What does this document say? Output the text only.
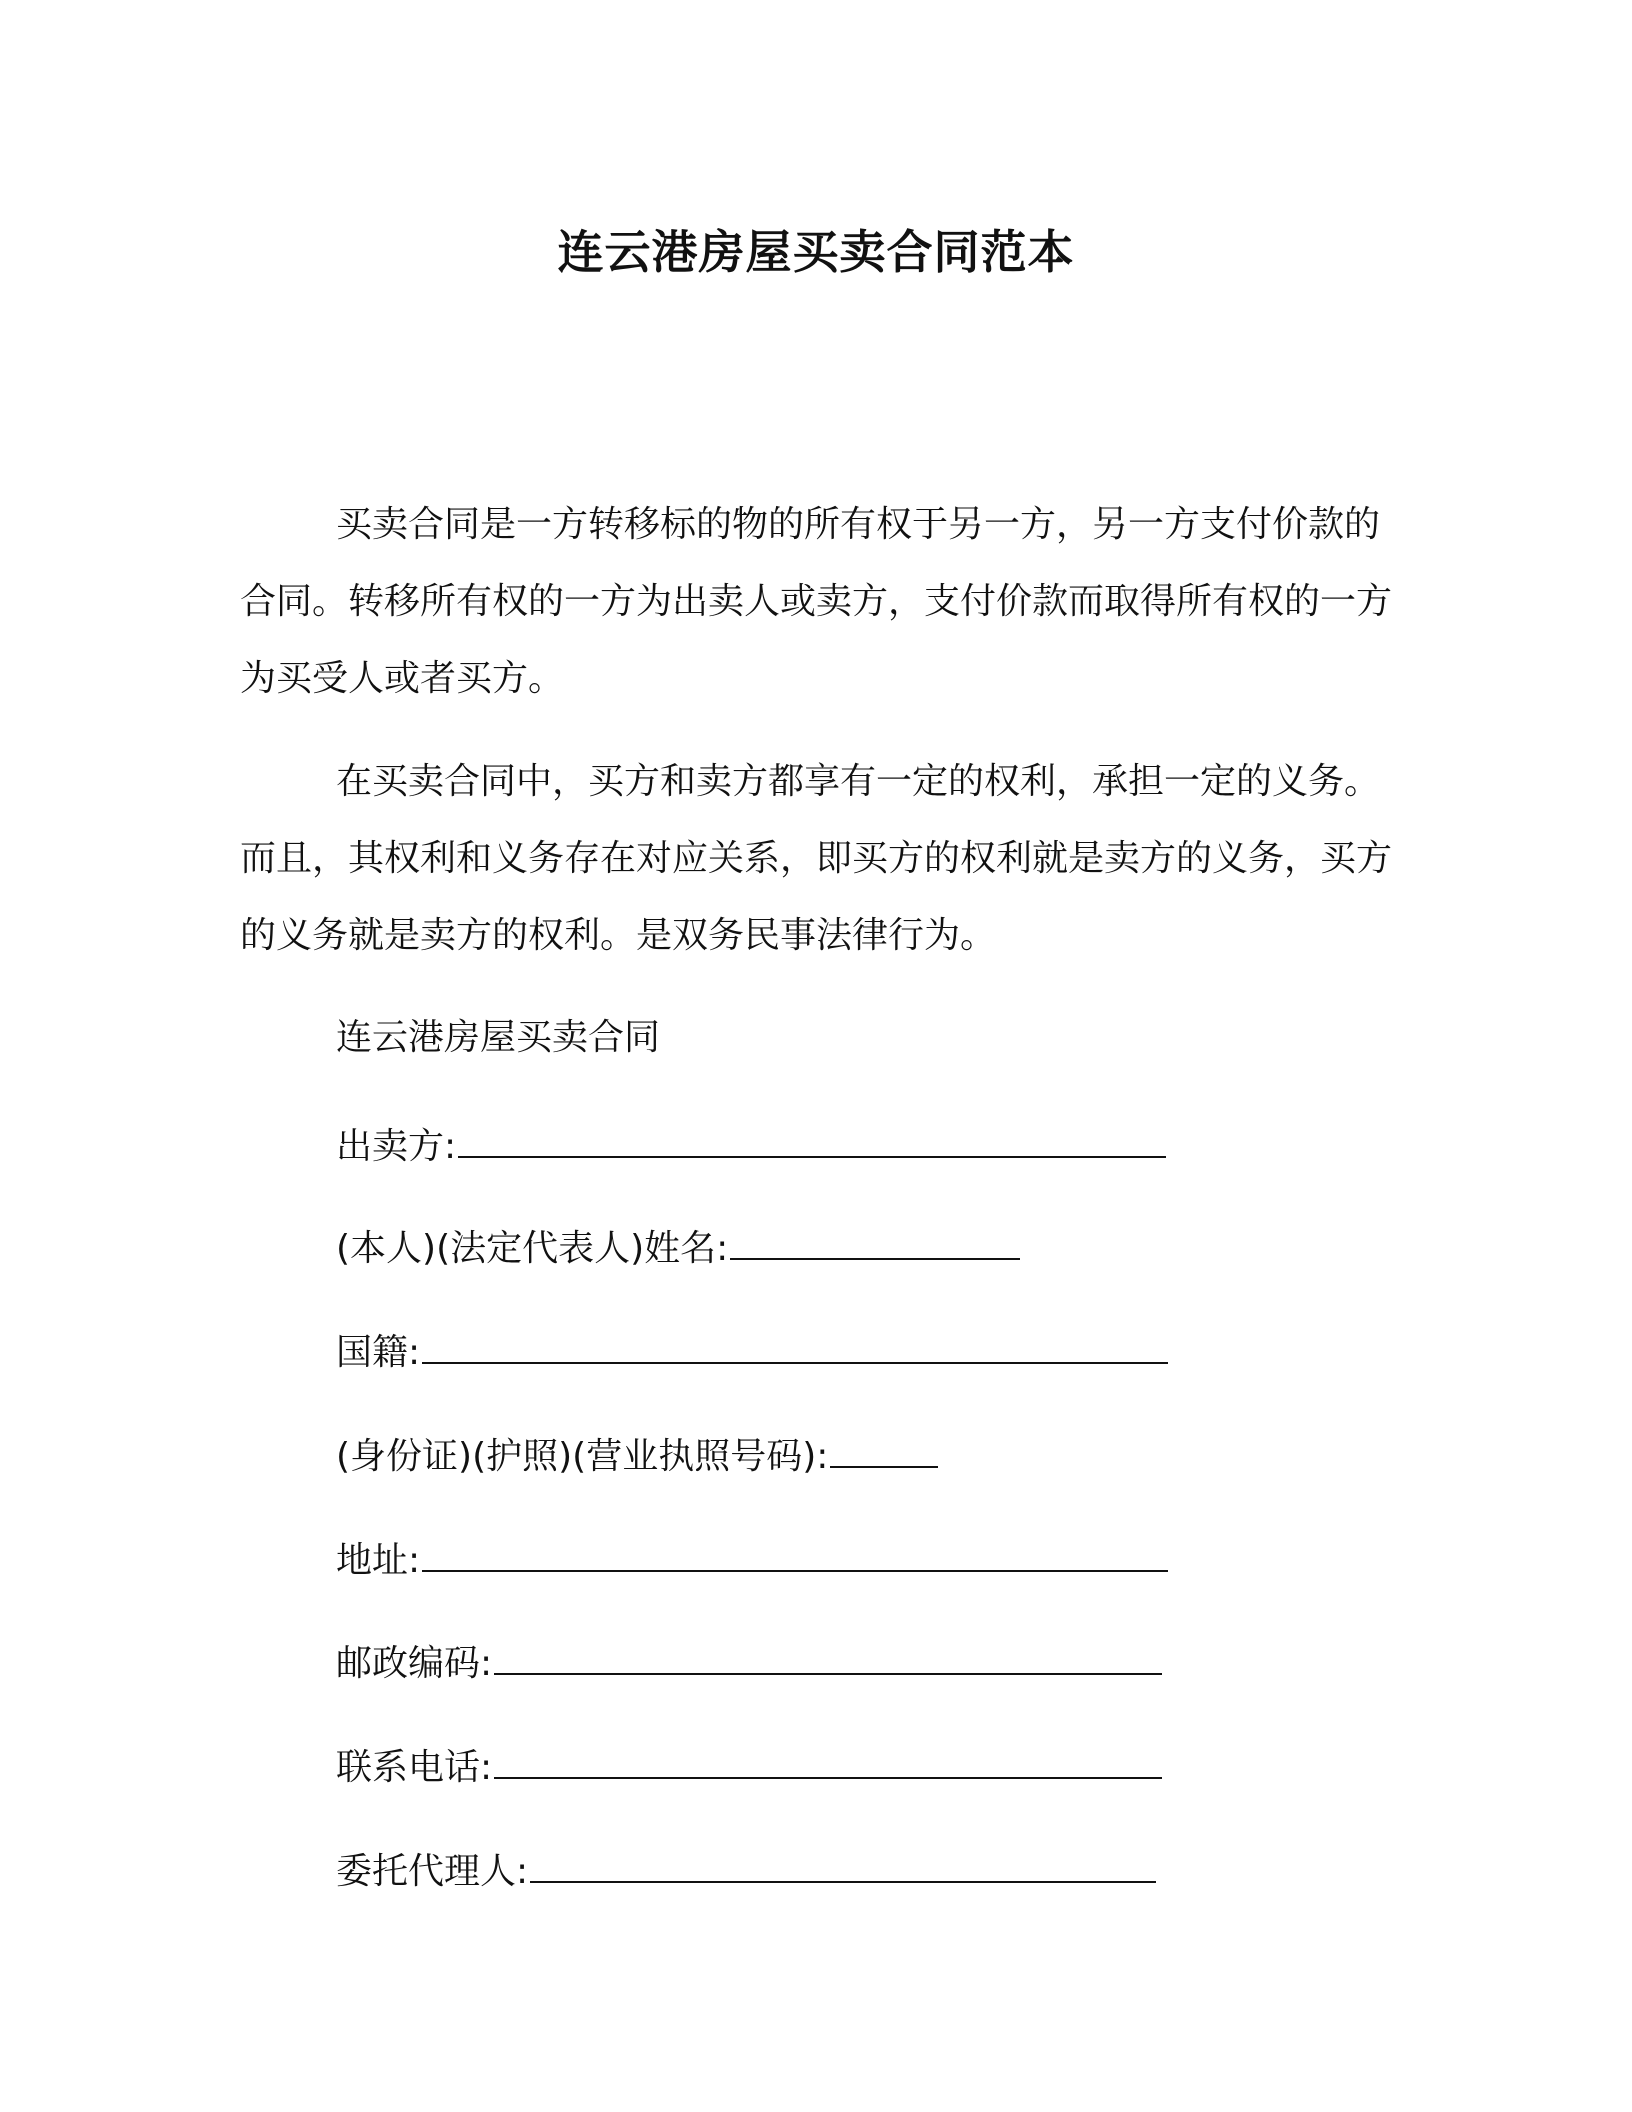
连云港房屋买卖合同范本

买卖合同是一方转移标的物的所有权于另一方，另一方支付价款的合同。转移所有权的一方为出卖人或卖方，支付价款而取得所有权的一方为买受人或者买方。

在买卖合同中，买方和卖方都享有一定的权利，承担一定的义务。而且，其权利和义务存在对应关系，即买方的权利就是卖方的义务，买方的义务就是卖方的权利。是双务民事法律行为。

连云港房屋买卖合同
出卖方:
(本人)(法定代表人)姓名:
国籍:
(身份证)(护照)(营业执照号码):
地址:
邮政编码:
联系电话:
委托代理人:
